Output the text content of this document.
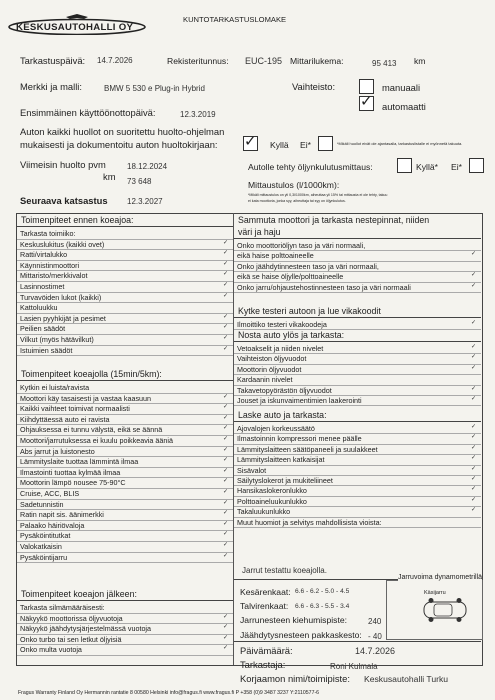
KESKUSAUTOHALLI OY
KUNTOTARKASTUSLOMAKE
Tarkastuspäivä: 14.7.2026	Rekisteritunnus: EUC-195 Mittarilukema:	95 413 km
Merkki ja malli:	BMW 5 530 e Plug-in Hybrid	Vaihteisto:	manuaali
✓ automaatti
Ensimmäinen käyttöönottopäivä:	12.3.2019
Auton kaikki huollot on suoritettu huolto-ohjelman
mukaisesti ja dokumentoitu auton huoltokirjaan: ✓ Kyllä Ei*	*Mikäli huollot eivät ole ajantasalla, tarkastuslistalle ei myönnetä takuuta.
Viimeisin huolto pvm	18.12.2024
km 73 648
Seuraava katsastus 12.3.2027
Autolle tehty öljynkulutusmittaus:	Kyllä* Ei*
Mittaustulos (l/1000km):
*Mikäli mittaustulos on yli 0,3l/1000km, aiheuttaa yli 15% tai mittausta ei ole tehty, takuu
ei kata moottoria, jonka syy, aiheuttaja tai syy on öljynkulutus.
Toimenpiteet ennen koeajoa:
Tarkasta toimiiko:
Keskuslukitus (kaikki ovet)	✓
Ratti/virtalukko	✓
Käynnistinmoottori	✓
Mittaristo/merkkivalot	✓
Lasinnostimet	✓
Turvavöiden lukot (kaikki)	✓
Kattoluukku
Lasien pyyhkijät ja pesimet	✓
Peilien säädöt	✓
Vilkut (myös hätävilkut)	✓
Istuimien säädöt	✓
Toimenpiteet koeajolla (15min/5km):
Kytkin ei luista/ravista
Moottori käy tasaisesti ja vastaa kaasuun	✓
Kaikki vaihteet toimivat normaalisti	✓
Kiihdyttäessä auto ei ravista	✓
Ohjauksessa ei tunnu välystä, eikä se äännä	✓
Moottori/jarrutuksessa ei kuulu poikkeavia ääniä	✓
Abs jarrut ja luistonesto	✓
Lämmityslaite tuottaa lämmintä ilmaa	✓
Ilmastointi tuottaa kylmää ilmaa	✓
Moottorin lämpö nousee 75-90°C	✓
Cruise, ACC, BLIS	✓
Sadetunnistin	✓
Ratin napit sis. äänimerkki	✓
Palaako häiriövaloja	✓
Pysäköintitutkat	✓
Valokatkaisin	✓
Pysäköintijarru	✓
Toimenpiteet koeajon jälkeen:
Tarkasta silmämääräisesti:
Näkyykö moottorissa öljyvuotoja	✓
Näkyykö jäähdytysjärjestelmässä vuotoja	✓
Onko turbo tai sen letkut öljyisiä	✓
Onko multa vuotoja	✓
Sammuta moottori ja tarkasta nestepinnat, niiden
väri ja haju
Onko moottoriöljyn taso ja väri normaali,
eikä haise polttoaineelle	✓
Onko jäähdytinnesteen taso ja väri normaali,
eikä se haise öljylle/polttoaineelle	✓
Onko jarru/ohjaustehostinnesteen taso ja väri normaali	✓
Kytke testeri autoon ja lue vikakoodit
Ilmoittiko testeri vikakoodeja	✓
Nosta auto ylös ja tarkasta:
Vetoakselit ja niiden nivelet	✓
Vaihteiston öljyvuodot	✓
Moottorin öljyvuodot	✓
Kardaanin nivelet
Takavetopyörästön öljyvuodot	✓
Jouset ja iskunvaimentimien laakerointi	✓
Laske auto ja tarkasta:
Ajovalojen korkeussäätö	✓
Ilmastoinnin kompressori menee päälle	✓
Lämmityslaitteen säätöpaneeli ja suulakkeet	✓
Lämmityslaitteen katkaisijat	✓
Sisävalot	✓
Säilytyslokerot ja mukiteliineet	✓
Hansikaslokeronlukko	✓
Polttoaineluukunlukko	✓
Takaluukunlukko	✓
Muut huomiot ja selvitys mahdollisista vioista:
Jarrut testattu koeajolla.
Kesärenkaat: 6.6 - 6.2 - 5.0 - 4.5
Talvirenkaat: 6.6 - 6.3 - 5.5 - 3.4
Jarrunesteen kiehumispiste:	240
Jäähdytysnesteen pakkaskesto: - 40
Jarruvoima dynamometrillä
Käsijarru
Päivämäärä:	14.7.2026
Tarkastaja:	Roni Kulmala
Korjaamon nimi/toimipiste: Keskusautohalli Turku
Fragus Warranty Finland Oy Hermannin rantatie 8 00580 Helsinki info@fragus.fi www.fragus.fi P +358 (0)9 3487 3237 Y:2110577-6
